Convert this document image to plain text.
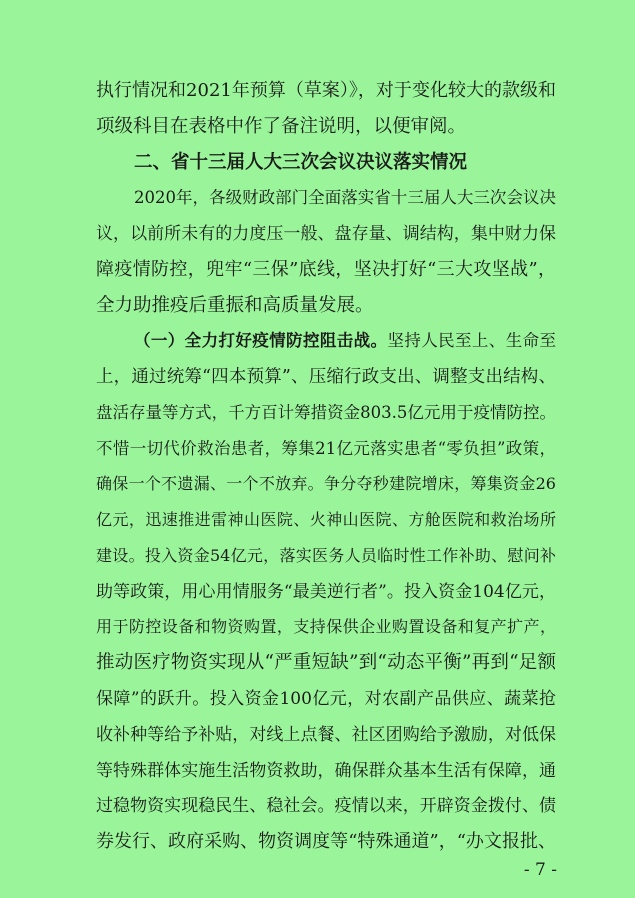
执行情况和2021年预算（草案）》，对于变化较大的款级和
项级科目在表格中作了备注说明，以便审阅。
二、省十三届人大三次会议决议落实情况
2020年，各级财政部门全面落实省十三届人大三次会议决
议，以前所未有的力度压一般、盘存量、调结构，集中财力保
障疫情防控，兜牢“三保”底线，坚决打好“三大攻坚战”，
全力助推疫后重振和高质量发展。
（一）全力打好疫情防控阻击战。坚持人民至上、生命至
上，通过统筹“四本预算”、压缩行政支出、调整支出结构、
盘活存量等方式，千方百计筹措资金803.5亿元用于疫情防控。
不惜一切代价救治患者，筹集21亿元落实患者“零负担”政策，
确保一个不遗漏、一个不放弃。争分夺秒建院增床，筹集资金26
亿元，迅速推进雷神山医院、火神山医院、方舱医院和救治场所
建设。投入资金54亿元，落实医务人员临时性工作补助、慰问补
助等政策，用心用情服务“最美逆行者”。投入资金104亿元，
用于防控设备和物资购置，支持保供企业购置设备和复产扩产，
推动医疗物资实现从“严重短缺”到“动态平衡”再到“足额
保障”的跃升。投入资金100亿元，对农副产品供应、蔬菜抢
收补种等给予补贴，对线上点餐、社区团购给予激励，对低保
等特殊群体实施生活物资救助，确保群众基本生活有保障，通
过稳物资实现稳民生、稳社会。疫情以来，开辟资金拨付、债
券发行、政府采购、物资调度等“特殊通道”，“办文报批、
- 7 -
